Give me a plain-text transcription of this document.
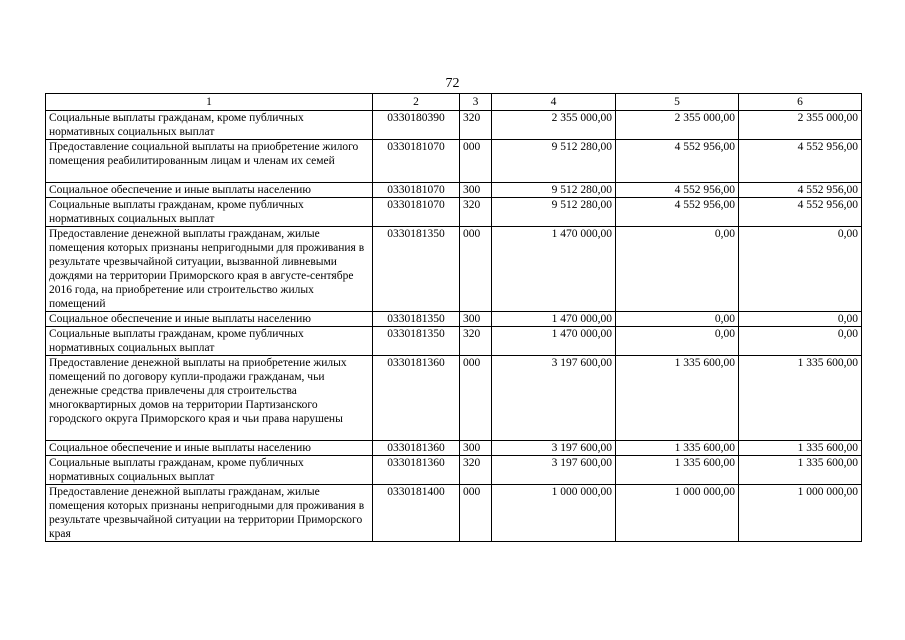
72
1	2	3	4	5	6
Социальные выплаты гражданам, кроме публичных нормативных социальных выплат	0330180390	320	2 355 000,00	2 355 000,00	2 355 000,00
Предоставление социальной выплаты на приобретение жилого помещения реабилитированным лицам и членам их семей	0330181070	000	9 512 280,00	4 552 956,00	4 552 956,00
Социальное обеспечение и иные выплаты населению	0330181070	300	9 512 280,00	4 552 956,00	4 552 956,00
Социальные выплаты гражданам, кроме публичных нормативных социальных выплат	0330181070	320	9 512 280,00	4 552 956,00	4 552 956,00
Предоставление денежной выплаты гражданам, жилые помещения которых признаны непригодными для проживания в результате чрезвычайной ситуации, вызванной ливневыми дождями на территории Приморского края в августе-сентябре 2016 года, на приобретение или строительство жилых помещений	0330181350	000	1 470 000,00	0,00	0,00
Социальное обеспечение и иные выплаты населению	0330181350	300	1 470 000,00	0,00	0,00
Социальные выплаты гражданам, кроме публичных нормативных социальных выплат	0330181350	320	1 470 000,00	0,00	0,00
Предоставление денежной выплаты на приобретение жилых помещений по договору купли-продажи гражданам, чьи денежные средства привлечены для строительства многоквартирных домов на территории Партизанского городского округа Приморского края и чьи права нарушены	0330181360	000	3 197 600,00	1 335 600,00	1 335 600,00
Социальное обеспечение и иные выплаты населению	0330181360	300	3 197 600,00	1 335 600,00	1 335 600,00
Социальные выплаты гражданам, кроме публичных нормативных социальных выплат	0330181360	320	3 197 600,00	1 335 600,00	1 335 600,00
Предоставление денежной выплаты гражданам, жилые помещения которых признаны непригодными для проживания в результате чрезвычайной ситуации на территории Приморского края	0330181400	000	1 000 000,00	1 000 000,00	1 000 000,00
